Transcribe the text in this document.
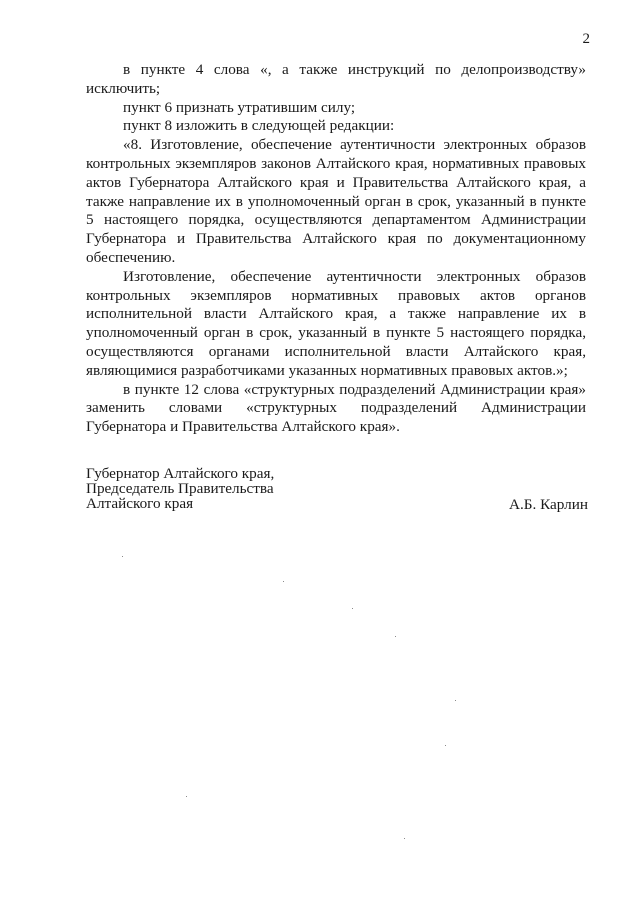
2

в пункте 4 слова «, а также инструкций по делопроизводству» исключить;

пункт 6 признать утратившим силу;

пункт 8 изложить в следующей редакции:

«8. Изготовление, обеспечение аутентичности электронных образов контрольных экземпляров законов Алтайского края, нормативных правовых актов Губернатора Алтайского края и Правительства Алтайского края, а также направление их в уполномоченный орган в срок, указанный в пункте 5 настоящего порядка, осуществляются департаментом Администрации Губернатора и Правительства Алтайского края по документационному обеспечению.

Изготовление, обеспечение аутентичности электронных образов контрольных экземпляров нормативных правовых актов органов исполнительной власти Алтайского края, а также направление их в уполномоченный орган в срок, указанный в пункте 5 настоящего порядка, осуществляются органами исполнительной власти Алтайского края, являющимися разработчиками указанных нормативных правовых актов.»;

в пункте 12 слова «структурных подразделений Администрации края» заменить словами «структурных подразделений Администрации Губернатора и Правительства Алтайского края».

Губернатор Алтайского края,
Председатель Правительства
Алтайского края	А.Б. Карлин
